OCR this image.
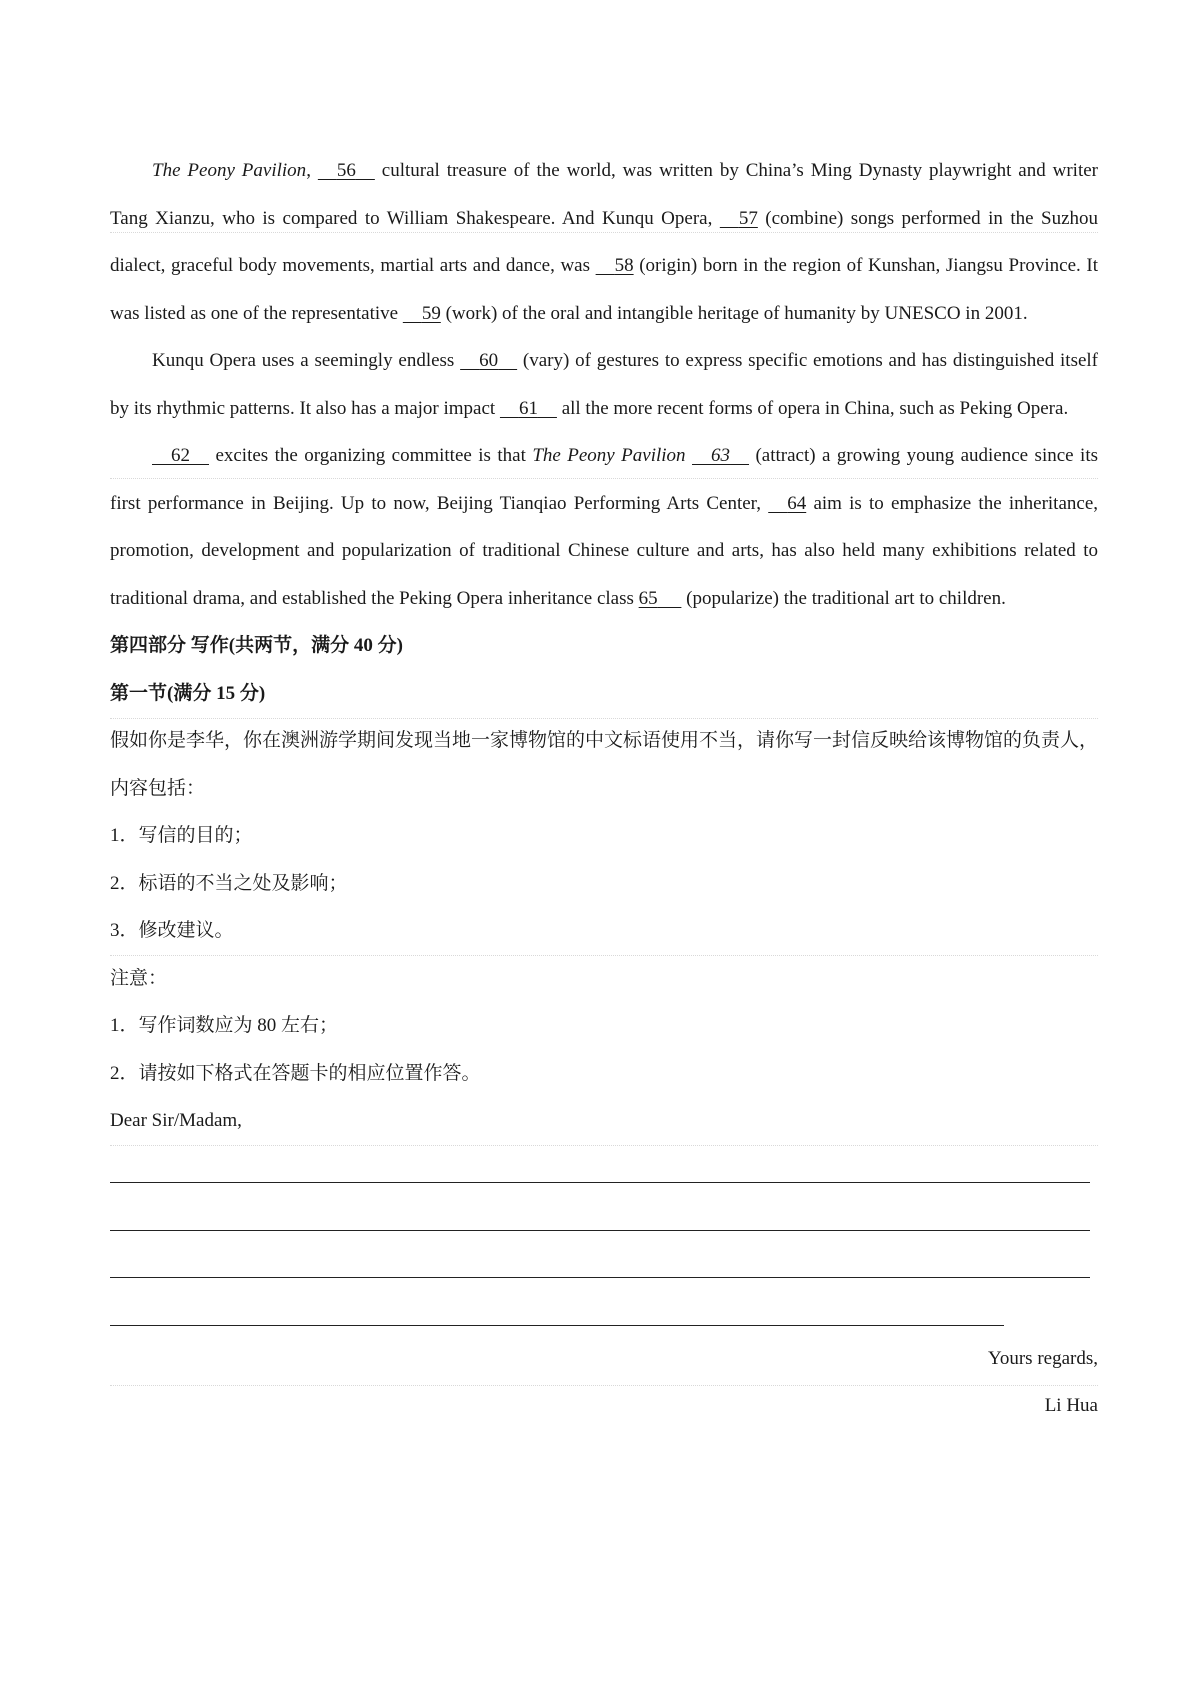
The Peony Pavilion,     56     cultural treasure of the world, was written by China’s Ming Dynasty playwright and writer Tang Xianzu, who is compared to William Shakespeare. And Kunqu Opera,     57 (combine) songs performed in the Suzhou dialect, graceful body movements, martial arts and dance, was     58 (origin) born in the region of Kunshan, Jiangsu Province. It was listed as one of the representative     59 (work) of the oral and intangible heritage of humanity by UNESCO in 2001.

Kunqu Opera uses a seemingly endless     60     (vary) of gestures to express specific emotions and has distinguished itself by its rhythmic patterns. It also has a major impact     61     all the more recent forms of opera in China, such as Peking Opera.

62     excites the organizing committee is that The Peony Pavilion 63     (attract) a growing young audience since its first performance in Beijing. Up to now, Beijing Tianqiao Performing Arts Center,     64 aim is to emphasize the inheritance, promotion, development and popularization of traditional Chinese culture and arts, has also held many exhibitions related to traditional drama, and established the Peking Opera inheritance class 65      (popularize) the traditional art to children.

第四部分 写作(共两节，满分 40 分)

第一节(满分 15 分)

假如你是李华，你在澳洲游学期间发现当地一家博物馆的中文标语使用不当，请你写一封信反映给该博物馆的负责人，内容包括：

1．写信的目的；

2．标语的不当之处及影响；

3．修改建议。

注意：

1．写作词数应为 80 左右；

2．请按如下格式在答题卡的相应位置作答。

Dear Sir/Madam,

Yours regards,

Li Hua
